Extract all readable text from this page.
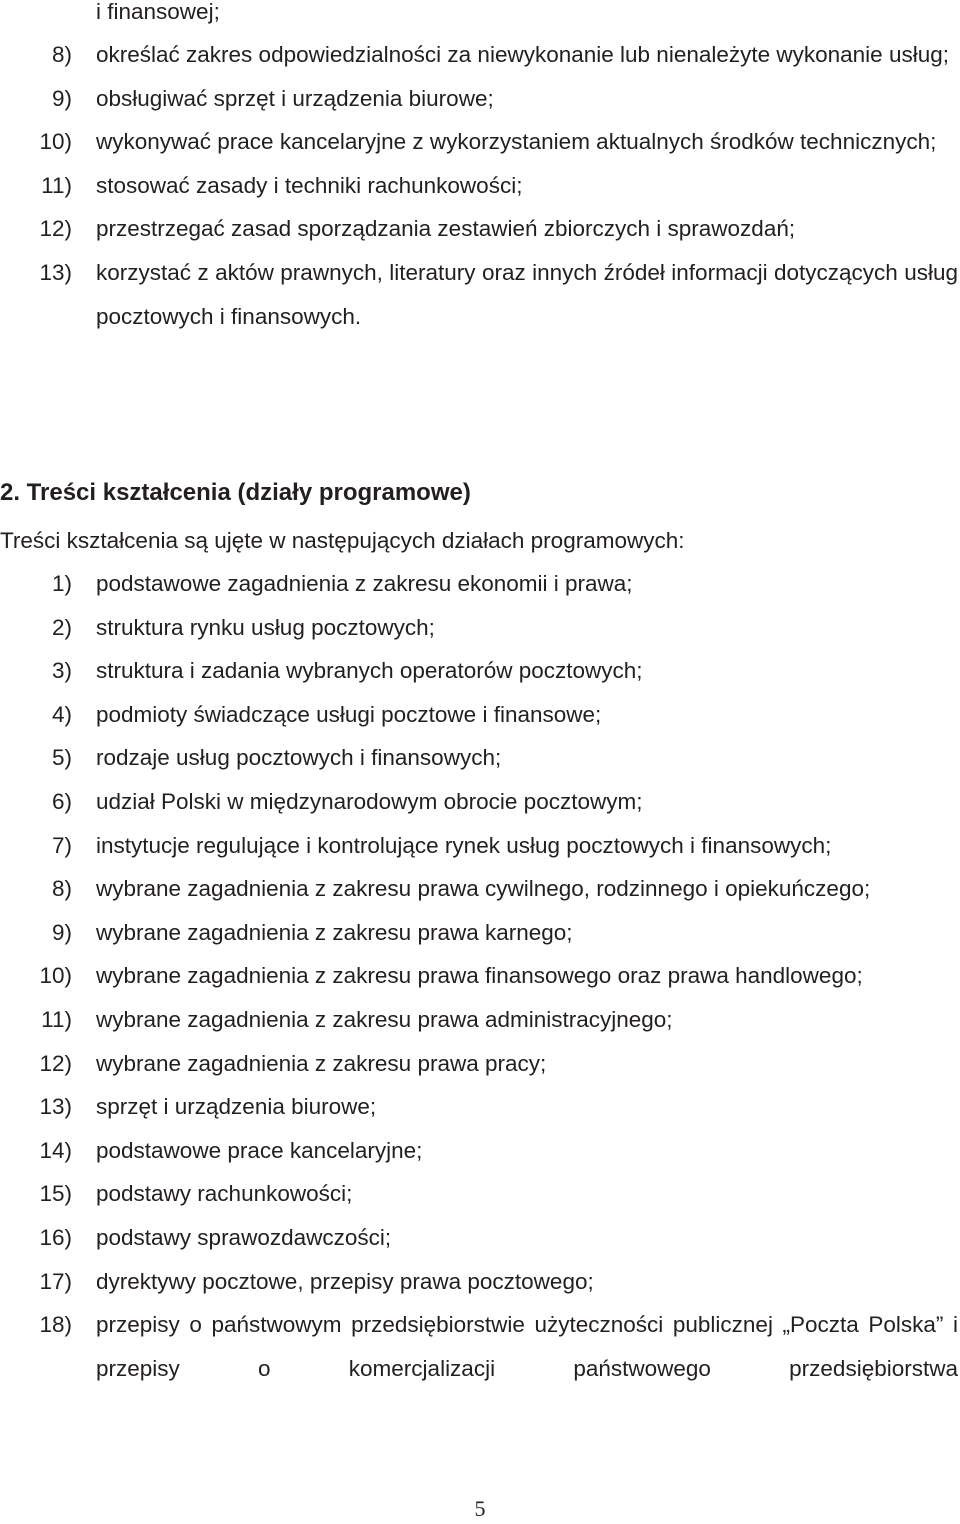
i finansowej;
8) określać zakres odpowiedzialności za niewykonanie lub nienależyte wykonanie usług;
9) obsługiwać sprzęt i urządzenia biurowe;
10) wykonywać prace kancelaryjne z wykorzystaniem aktualnych środków technicznych;
11) stosować zasady i techniki rachunkowości;
12) przestrzegać zasad sporządzania zestawień zbiorczych i sprawozdań;
13) korzystać z aktów prawnych, literatury oraz innych źródeł informacji dotyczących usług pocztowych i finansowych.
2. Treści kształcenia (działy programowe)
Treści kształcenia są ujęte w następujących działach programowych:
1) podstawowe zagadnienia z zakresu ekonomii i prawa;
2) struktura rynku usług pocztowych;
3) struktura i zadania wybranych operatorów pocztowych;
4) podmioty świadczące usługi pocztowe i finansowe;
5) rodzaje usług pocztowych i finansowych;
6) udział Polski w międzynarodowym obrocie pocztowym;
7) instytucje regulujące i kontrolujące rynek usług pocztowych i finansowych;
8) wybrane zagadnienia z zakresu prawa cywilnego, rodzinnego i opiekuńczego;
9) wybrane zagadnienia z zakresu prawa karnego;
10) wybrane zagadnienia z zakresu prawa finansowego oraz prawa handlowego;
11) wybrane zagadnienia z zakresu prawa administracyjnego;
12) wybrane zagadnienia z zakresu prawa pracy;
13) sprzęt i urządzenia biurowe;
14) podstawowe prace kancelaryjne;
15) podstawy rachunkowości;
16) podstawy sprawozdawczości;
17) dyrektywy pocztowe, przepisy prawa pocztowego;
18) przepisy o państwowym przedsiębiorstwie użyteczności publicznej „Poczta Polska” i przepisy o komercjalizacji państwowego przedsiębiorstwa
5
